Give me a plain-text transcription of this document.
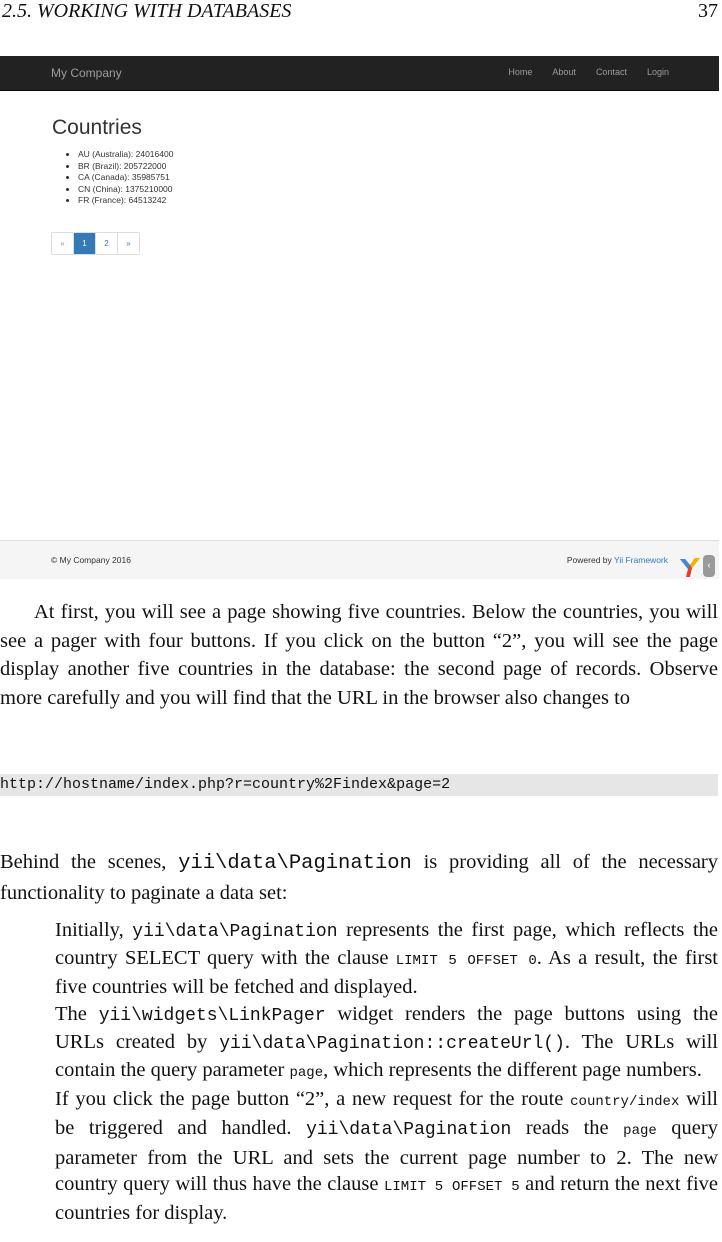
2.5. WORKING WITH DATABASES	37
My Company	Home About Contact Login
Countries
• AU (Australia): 24016400
• BR (Brazil): 205722000
• CA (Canada): 35985751
• CN (China): 1375210000
• FR (France): 64513242
«	1	2	»
© My Company 2016	Powered by Yii Framework	‹
At first, you will see a page showing five countries. Below the countries, you will see a pager with four buttons. If you click on the button “2”, you will see the page display another five countries in the database: the second page of records. Observe more carefully and you will find that the URL in the browser also changes to
http://hostname/index.php?r=country%2Findex&page=2
Behind the scenes, yii\data\Pagination is providing all of the necessary functionality to paginate a data set:

Initially, yii\data\Pagination represents the first page, which reflects the country SELECT query with the clause LIMIT 5 OFFSET 0. As a result, the first five countries will be fetched and displayed.

The yii\widgets\LinkPager widget renders the page buttons using the URLs created by yii\data\Pagination::createUrl(). The URLs will contain the query parameter page, which represents the different page numbers.

If you click the page button “2”, a new request for the route country/index will be triggered and handled. yii\data\Pagination reads the page query parameter from the URL and sets the current page number to 2. The new country query will thus have the clause LIMIT 5 OFFSET 5 and return the next five countries for display.
